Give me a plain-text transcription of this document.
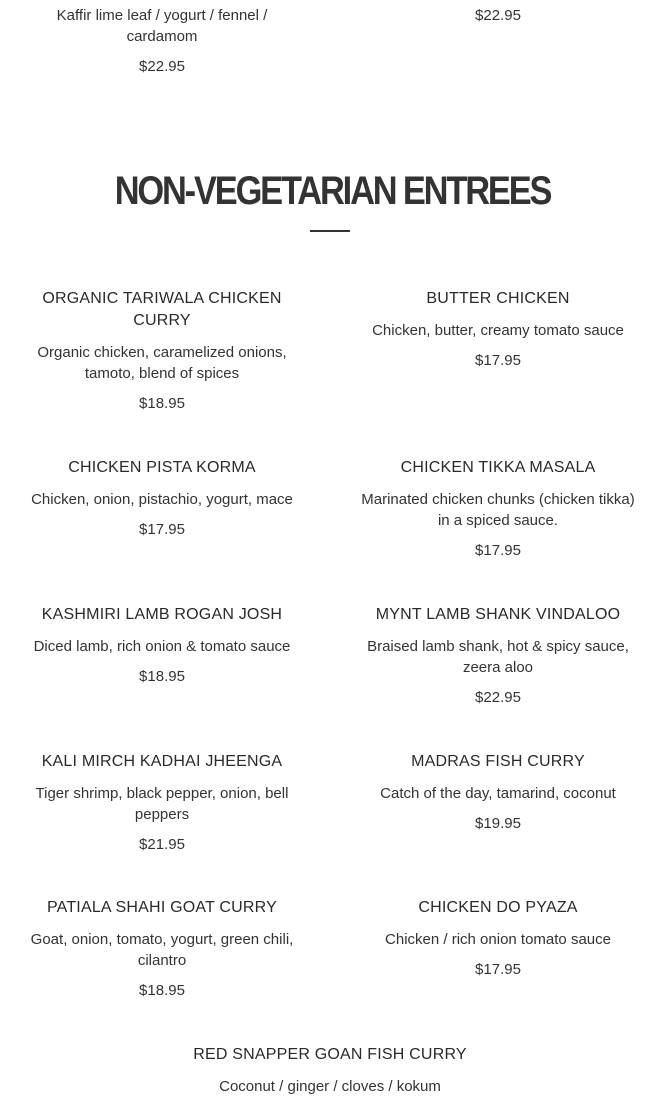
Kaffir lime leaf / yogurt / fennel / cardamom

$22.95

$22.95

NON-VEGETARIAN ENTREES

ORGANIC TARIWALA CHICKEN CURRY

Organic chicken, caramelized onions, tamoto, blend of spices

$18.95

BUTTER CHICKEN

Chicken, butter, creamy tomato sauce

$17.95

CHICKEN PISTA KORMA

Chicken, onion, pistachio, yogurt, mace

$17.95

CHICKEN TIKKA MASALA

Marinated chicken chunks (chicken tikka) in a spiced sauce.

$17.95

KASHMIRI LAMB ROGAN JOSH

Diced lamb, rich onion & tomato sauce

$18.95

MYNT LAMB SHANK VINDALOO

Braised lamb shank, hot & spicy sauce, zeera aloo

$22.95

KALI MIRCH KADHAI JHEENGA

Tiger shrimp, black pepper, onion, bell peppers

$21.95

MADRAS FISH CURRY

Catch of the day, tamarind, coconut

$19.95

PATIALA SHAHI GOAT CURRY

Goat, onion, tomato, yogurt, green chili, cilantro

$18.95

CHICKEN DO PYAZA

Chicken / rich onion tomato sauce

$17.95

RED SNAPPER GOAN FISH CURRY

Coconut / ginger / cloves / kokum
